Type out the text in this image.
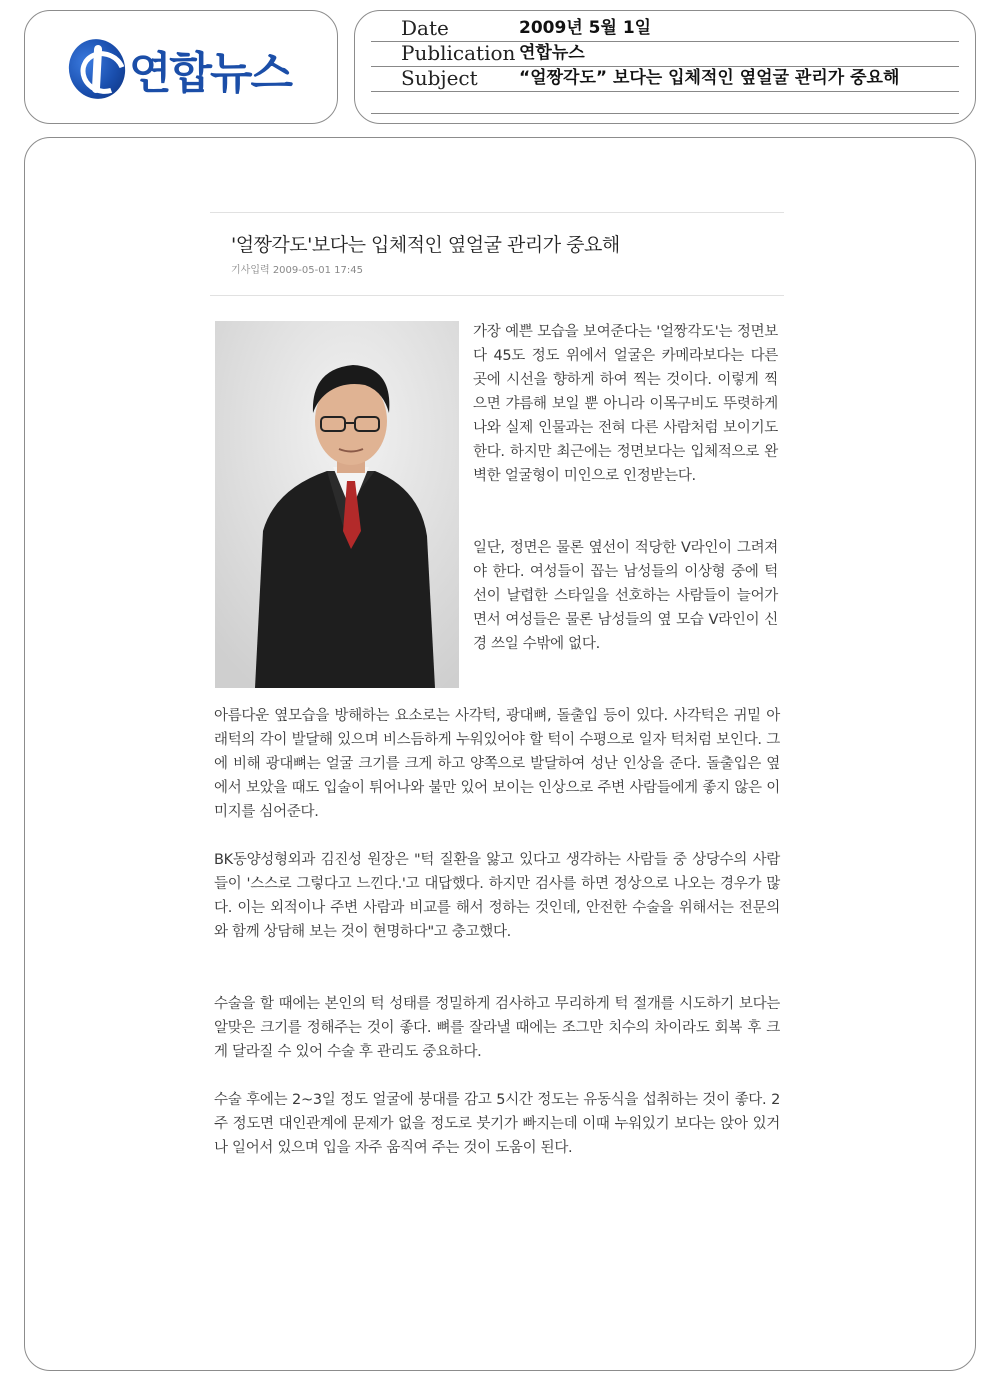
연합뉴스
Date	2009년 5월 1일
Publication 연합뉴스
Subject “얼짱각도” 보다는 입체적인 옆얼굴 관리가 중요해
'얼짱각도'보다는 입체적인 옆얼굴 관리가 중요해
기사입력 2009-05-01 17:45

가장 예쁜 모습을 보여준다는 '얼짱각도'는 정면보다 45도 정도 위에서 얼굴은 카메라보다는 다른 곳에 시선을 향하게 하여 찍는 것이다. 이렇게 찍으면 갸름해 보일 뿐 아니라 이목구비도 뚜렷하게 나와 실제 인물과는 전혀 다른 사람처럼 보이기도 한다. 하지만 최근에는 정면보다는 입체적으로 완벽한 얼굴형이 미인으로 인정받는다.

일단, 정면은 물론 옆선이 적당한 V라인이 그려져야 한다. 여성들이 꼽는 남성들의 이상형 중에 턱 선이 날렵한 스타일을 선호하는 사람들이 늘어가면서 여성들은 물론 남성들의 옆 모습 V라인이 신경 쓰일 수밖에 없다.

아름다운 옆모습을 방해하는 요소로는 사각턱, 광대뼈, 돌출입 등이 있다. 사각턱은 귀밑 아래턱의 각이 발달해 있으며 비스듬하게 누워있어야 할 턱이 수평으로 일자 턱처럼 보인다. 그에 비해 광대뼈는 얼굴 크기를 크게 하고 양쪽으로 발달하여 성난 인상을 준다. 돌출입은 옆에서 보았을 때도 입술이 튀어나와 불만 있어 보이는 인상으로 주변 사람들에게 좋지 않은 이미지를 심어준다.

BK동양성형외과 김진성 원장은 "턱 질환을 앓고 있다고 생각하는 사람들 중 상당수의 사람들이 '스스로 그렇다고 느낀다.'고 대답했다. 하지만 검사를 하면 정상으로 나오는 경우가 많다. 이는 외적이나 주변 사람과 비교를 해서 정하는 것인데, 안전한 수술을 위해서는 전문의와 함께 상담해 보는 것이 현명하다"고 충고했다.

수술을 할 때에는 본인의 턱 성태를 정밀하게 검사하고 무리하게 턱 절개를 시도하기 보다는 알맞은 크기를 정해주는 것이 좋다. 뼈를 잘라낼 때에는 조그만 치수의 차이라도 회복 후 크게 달라질 수 있어 수술 후 관리도 중요하다.

수술 후에는 2~3일 정도 얼굴에 붕대를 감고 5시간 정도는 유동식을 섭취하는 것이 좋다. 2주 정도면 대인관계에 문제가 없을 정도로 붓기가 빠지는데 이때 누워있기 보다는 앉아 있거나 일어서 있으며 입을 자주 움직여 주는 것이 도움이 된다.
